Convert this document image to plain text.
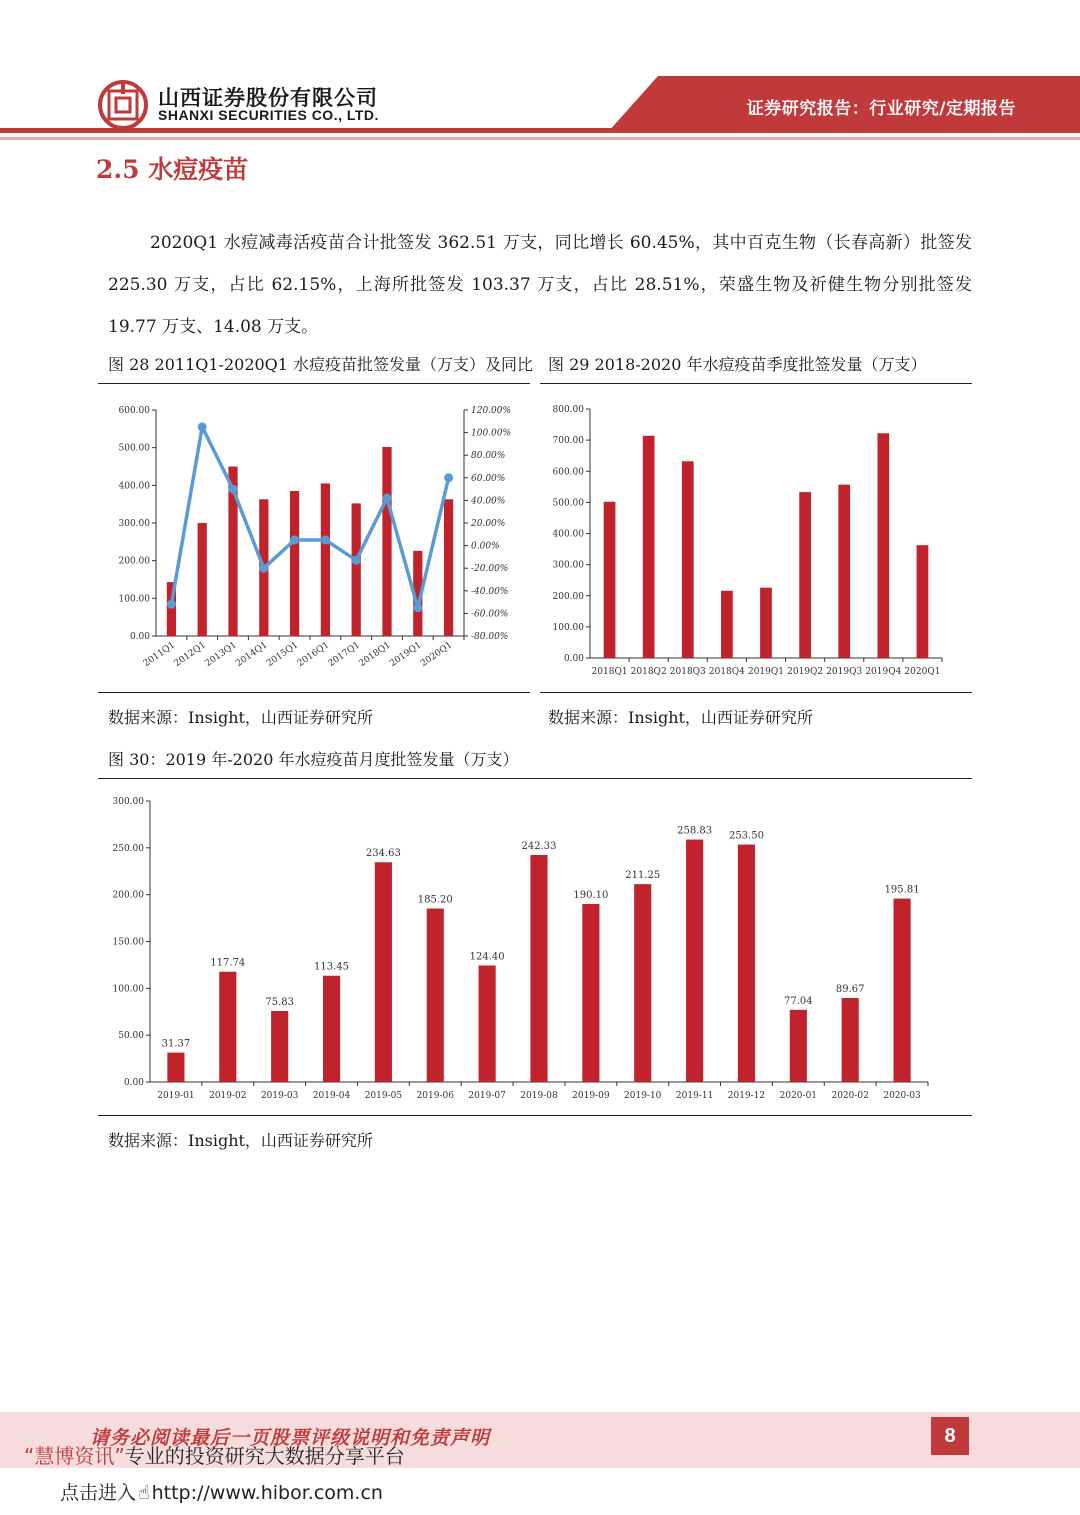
山西证券股份有限公司
SHANXI SECURITIES CO., LTD.	证券研究报告：行业研究/定期报告
2.5 水痘疫苗
2020Q1 水痘减毒活疫苗合计批签发 362.51 万支，同比增长 60.45%，其中百克生物（长春高新）批签发 225.30 万支，占比 62.15%，上海所批签发 103.37 万支，占比 28.51%，荣盛生物及祈健生物分别批签发 19.77 万支、14.08 万支。
图 28 2011Q1-2020Q1 水痘疫苗批签发量（万支）及同比 图 29 2018-2020 年水痘疫苗季度批签发量（万支）
0.00
100.00
200.00
300.00
400.00
500.00
600.00
2011Q1
2012Q1
2013Q1
2014Q1
2015Q1
2016Q1
2017Q1
2018Q1
2019Q1
2020Q1
-80.00%
-60.00%
-40.00%
-20.00%
0.00%
20.00%
40.00%
60.00%
80.00%
100.00%
120.00%
0.00
100.00
200.00
300.00
400.00
500.00
600.00
700.00
800.00
2018Q1 2018Q2 2018Q3 2018Q4 2019Q1 2019Q2 2019Q3 2019Q4 2020Q1
数据来源：Insight，山西证券研究所	数据来源：Insight，山西证券研究所
图 30：2019 年-2020 年水痘疫苗月度批签发量（万支）
0.00
50.00
100.00
150.00
200.00
250.00
300.00
2019-01
31.37
2019-02
117.74
2019-03
75.83
2019-04
113.45
2019-05
234.63
2019-06
185.20
2019-07
124.40
2019-08
242.33
2019-09
190.10
2019-10
211.25
2019-11
258.83
2019-12
253.50
2020-01
77.04
2020-02
89.67
2020-03
195.81
数据来源：Insight，山西证券研究所
请务必阅读最后一页股票评级说明和免责声明	8
“慧博资讯”专业的投资研究大数据分享平台
点击进入 ☝ http://www.hibor.com.cn
